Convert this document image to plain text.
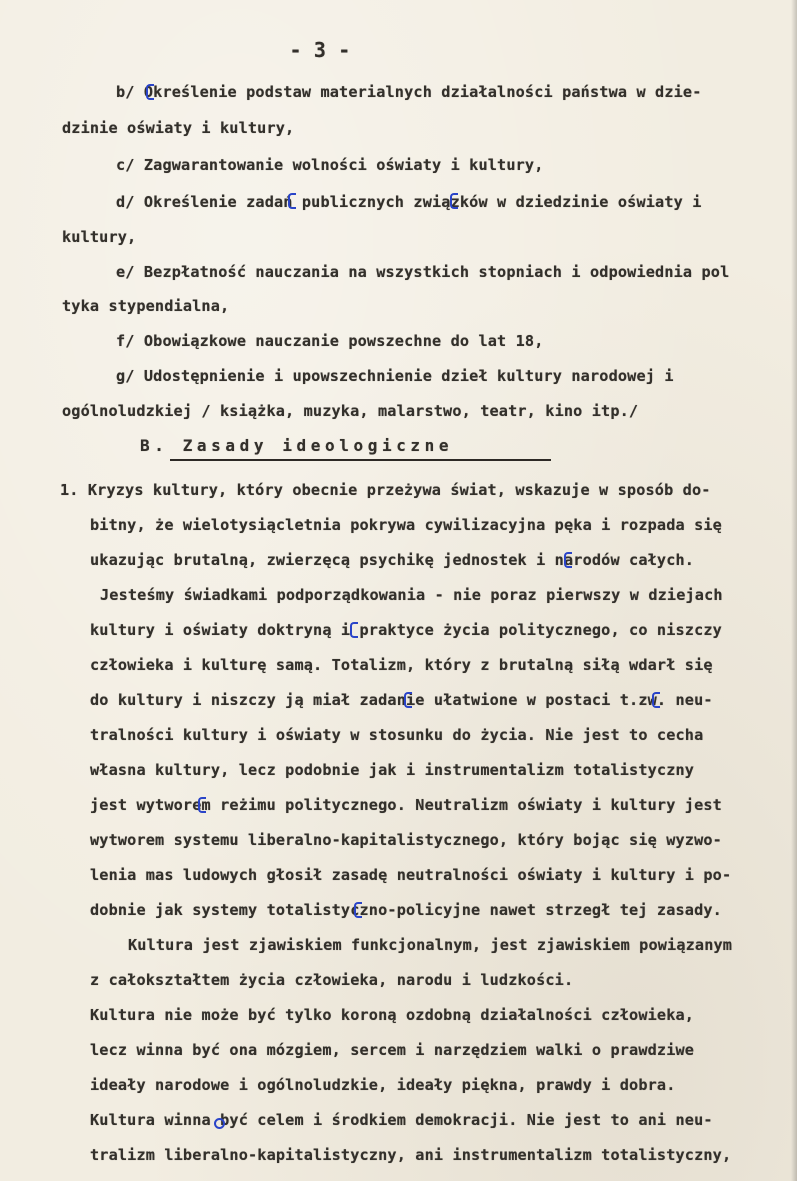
- 3 -
b/ Określenie podstaw materialnych działalności państwa w dzie-
dzinie oświaty i kultury,
c/ Zagwarantowanie wolności oświaty i kultury,
d/ Określenie zadań publicznych związków w dziedzinie oświaty i
kultury,
e/ Bezpłatność nauczania na wszystkich stopniach i odpowiednia pol
tyka stypendialna,
f/ Obowiązkowe nauczanie powszechne do lat 18,
g/ Udostępnienie i upowszechnienie dzieł kultury narodowej i
ogólnoludzkiej / książka, muzyka, malarstwo, teatr, kino itp./
B. Zasady ideologiczne
1. Kryzys kultury, który obecnie przeżywa świat, wskazuje w sposób do-
bitny, że wielotysiącletnia pokrywa cywilizacyjna pęka i rozpada się
ukazując brutalną, zwierzęcą psychikę jednostek i narodów całych.
Jesteśmy świadkami podporządkowania - nie poraz pierwszy w dziejach
kultury i oświaty doktryną i praktyce życia politycznego, co niszczy
człowieka i kulturę samą. Totalizm, który z brutalną siłą wdarł się
do kultury i niszczy ją miał zadanie ułatwione w postaci t.zw. neu-
tralności kultury i oświaty w stosunku do życia. Nie jest to cecha
własna kultury, lecz podobnie jak i instrumentalizm totalistyczny
jest wytworem reżimu politycznego. Neutralizm oświaty i kultury jest
wytworem systemu liberalno-kapitalistycznego, który bojąc się wyzwo-
lenia mas ludowych głosił zasadę neutralności oświaty i kultury i po-
dobnie jak systemy totalistyczno-policyjne nawet strzegł tej zasady.
Kultura jest zjawiskiem funkcjonalnym, jest zjawiskiem powiązanym
z całokształtem życia człowieka, narodu i ludzkości.
Kultura nie może być tylko koroną ozdobną działalności człowieka,
lecz winna być ona mózgiem, sercem i narzędziem walki o prawdziwe
ideały narodowe i ogólnoludzkie, ideały piękna, prawdy i dobra.
Kultura winna być celem i środkiem demokracji. Nie jest to ani neu-
tralizm liberalno-kapitalistyczny, ani instrumentalizm totalistyczny,
